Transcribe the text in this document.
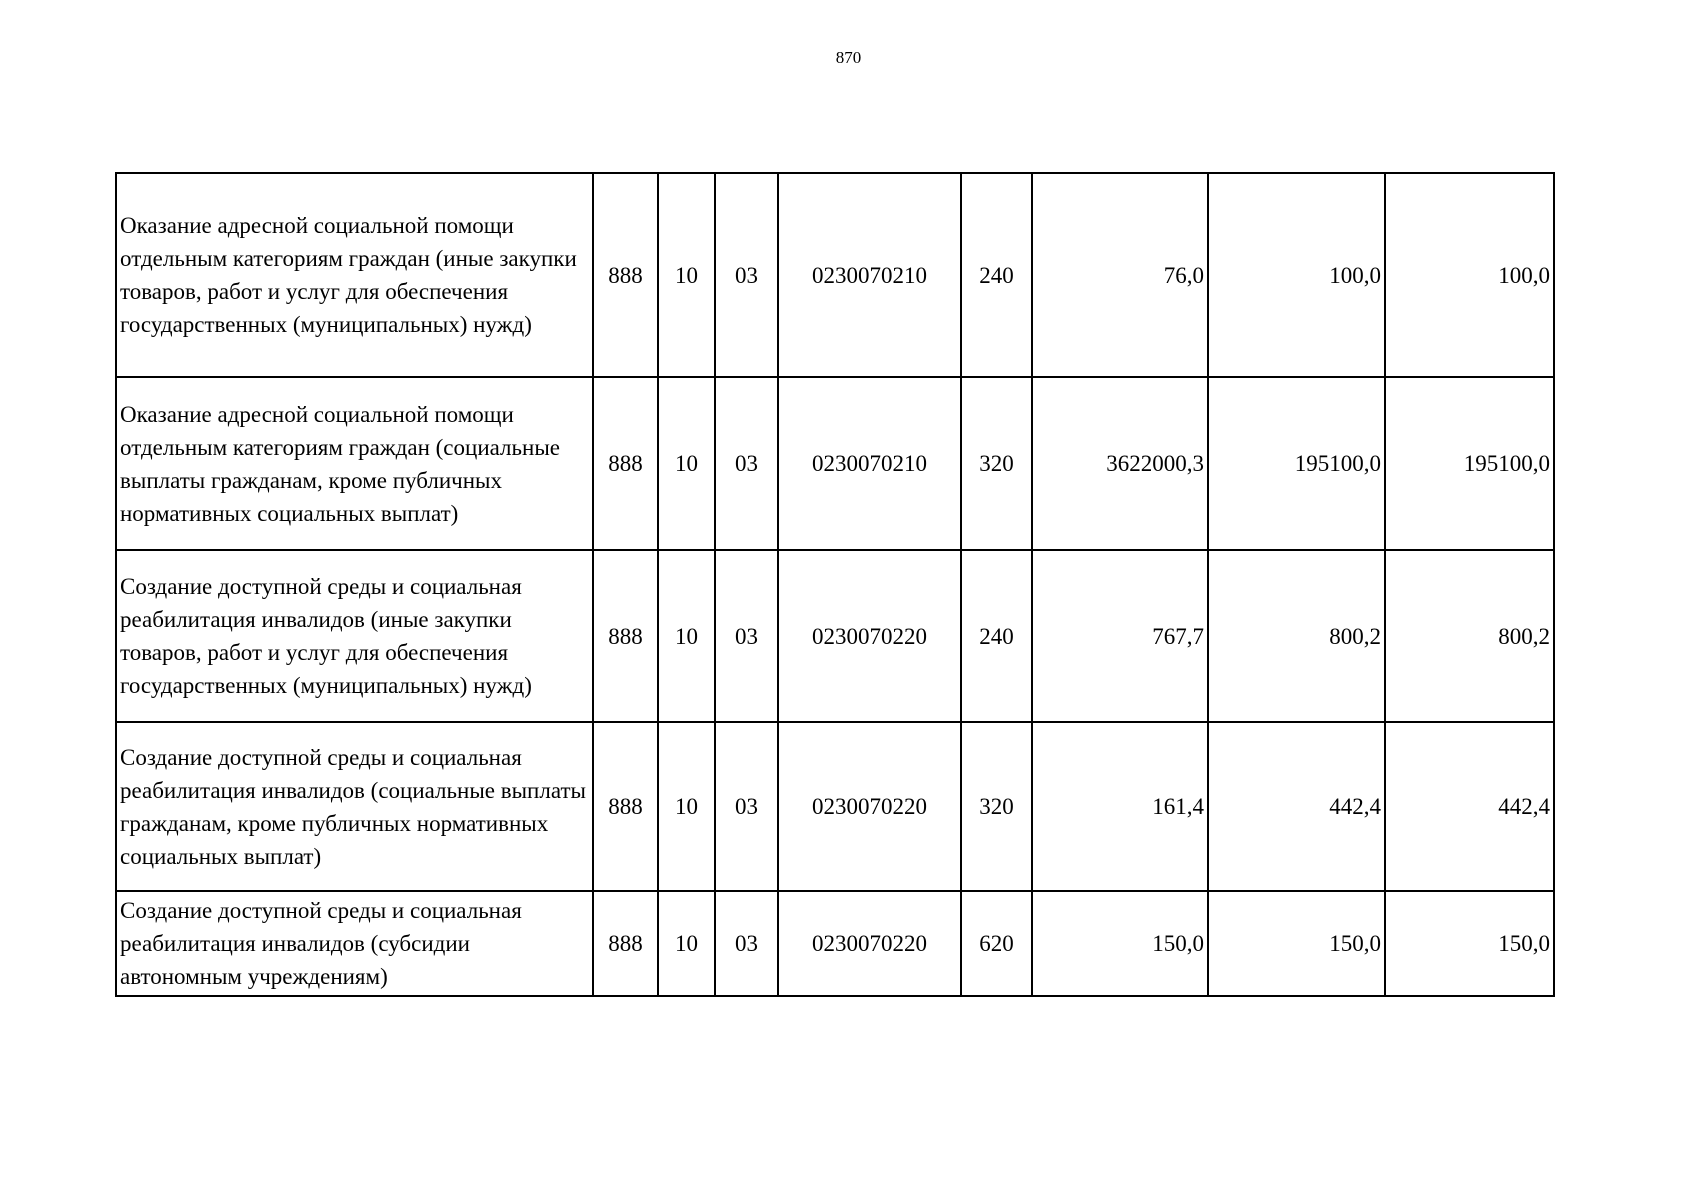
870
Оказание адресной социальной помощи отдельным категориям граждан (иные закупки товаров, работ и услуг для обеспечения государственных (муниципальных) нужд)	888	10	03	0230070210	240	76,0	100,0	100,0
Оказание адресной социальной помощи отдельным категориям граждан (социальные выплаты гражданам, кроме публичных нормативных социальных выплат)	888	10	03	0230070210	320	3622000,3	195100,0	195100,0
Создание доступной среды и социальная реабилитация инвалидов (иные закупки товаров, работ и услуг для обеспечения государственных (муниципальных) нужд)	888	10	03	0230070220	240	767,7	800,2	800,2
Создание доступной среды и социальная реабилитация инвалидов (социальные выплаты гражданам, кроме публичных нормативных социальных выплат)	888	10	03	0230070220	320	161,4	442,4	442,4
Создание доступной среды и социальная реабилитация инвалидов (субсидии автономным учреждениям)	888	10	03	0230070220	620	150,0	150,0	150,0
